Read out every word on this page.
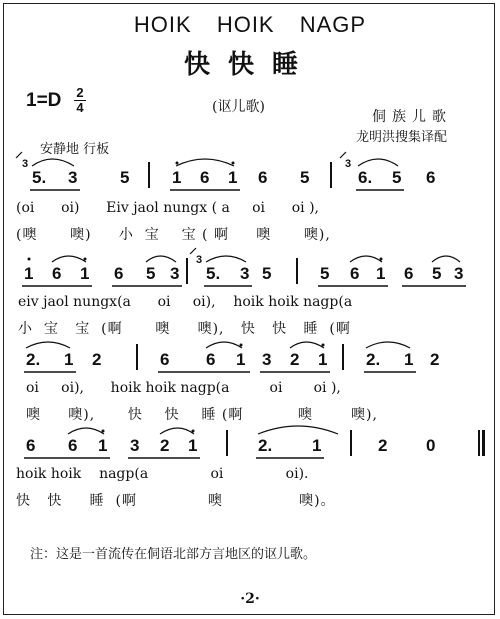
HOIK HOIK NAGP
快快睡
1=D 2
4	(讴儿歌)
侗族儿歌
龙明洪搜集译配
安静地 行板
3
5. 3	5	1 6 1 6 5
3
6. 5 6
(oi      oi)      Eiv jaol nungx ( a     oi      oi ),
(噢      噢)     小  宝    宝 ( 啊     噢      噢),
1 6 1 6 5 3
3
5. 3 5	5 6 1 6 5 3
eiv jaol nungx(a      oi     oi),    hoik hoik nagp(a
小  宝   宝  (啊      噢     噢),   快   快   睡  (啊
2. 1 2	6 6 1 3 2 1 2. 1 2
oi     oi),      hoik hoik nagp(a         oi       oi ),
噢     噢),      快    快    睡 (啊          噢       噢),
6 6 1 3 2 1	2. 1	2 0
hoik hoik    nagp(a              oi              oi).
快   快     睡  (啊             噢              噢)。
注：这是一首流传在侗语北部方言地区的讴儿歌。
·2·
